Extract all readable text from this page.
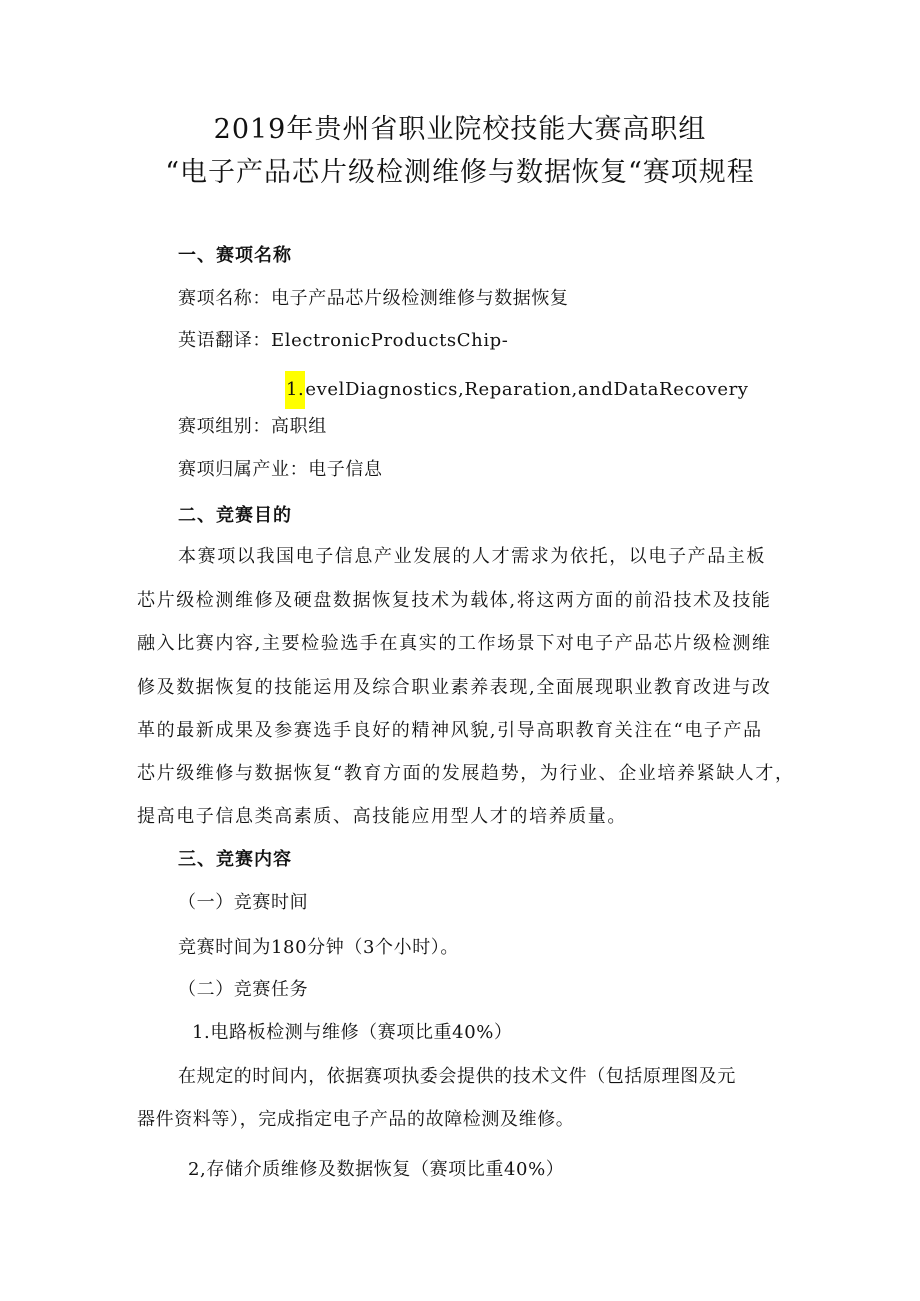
2019年贵州省职业院校技能大赛高职组
“电子产品芯片级检测维修与数据恢复“赛项规程
一、赛项名称
赛项名称：电子产品芯片级检测维修与数据恢复
英语翻译：ElectronicProductsChip-
1.evelDiagnostics,Reparation,andDataRecovery
赛项组别：高职组
赛项归属产业：电子信息
二、竞赛目的
本赛项以我国电子信息产业发展的人才需求为依托，以电子产品主板
芯片级检测维修及硬盘数据恢复技术为载体,将这两方面的前沿技术及技能
融入比赛内容,主要检验选手在真实的工作场景下对电子产品芯片级检测维
修及数据恢复的技能运用及综合职业素养表现,全面展现职业教育改进与改
革的最新成果及参赛选手良好的精神风貌,引导高职教育关注在“电子产品
芯片级维修与数据恢复“教育方面的发展趋势，为行业、企业培养紧缺人才，
提高电子信息类高素质、高技能应用型人才的培养质量。
三、竞赛内容
（一）竞赛时间
竞赛时间为180分钟（3个小时）。
（二）竞赛任务
1.电路板检测与维修（赛项比重40%）
在规定的时间内，依据赛项执委会提供的技术文件（包括原理图及元
器件资料等），完成指定电子产品的故障检测及维修。
2,存储介质维修及数据恢复（赛项比重40%）
